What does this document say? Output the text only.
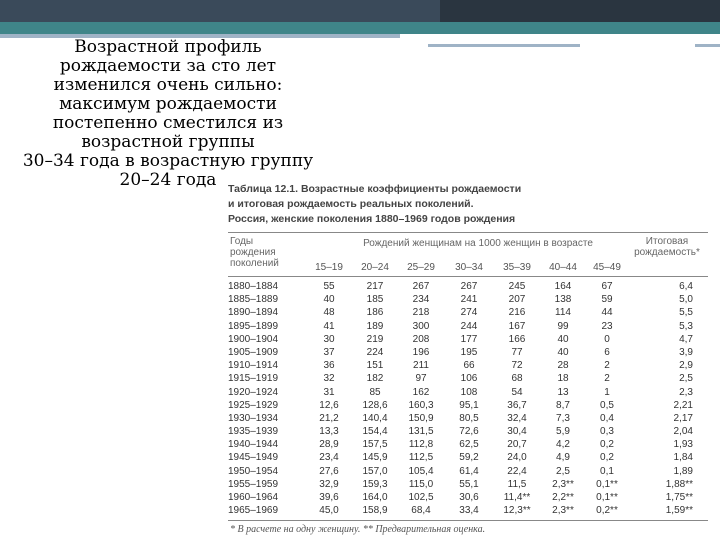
Возрастной профиль
рождаемости за сто лет
изменился очень сильно:
максимум рождаемости
постепенно сместился из
возрастной группы
30–34 года в возрастную группу
20–24 года	Таблица 12.1. Возрастные коэффициенты рождаемости
и итоговая рождаемость реальных поколений.
Россия, женские поколения 1880–1969 годов рождения
Годы
рождения
поколений
Рождений женщинам на 1000 женщин в возрасте	Итоговая
рождаемость*
15–19	20–24	25–29	30–34	35–39	40–44	45–49
1880–1884	55	217	267	267	245	164	67	6,4
1885–1889	40	185	234	241	207	138	59	5,0
1890–1894	48	186	218	274	216	114	44	5,5
1895–1899	41	189	300	244	167	99	23	5,3
1900–1904	30	219	208	177	166	40	0	4,7
1905–1909	37	224	196	195	77	40	6	3,9
1910–1914	36	151	211	66	72	28	2	2,9
1915–1919	32	182	97	106	68	18	2	2,5
1920–1924	31	85	162	108	54	13	1	2,3
1925–1929	12,6	128,6	160,3	95,1	36,7	8,7	0,5	2,21
1930–1934	21,2	140,4	150,9	80,5	32,4	7,3	0,4	2,17
1935–1939	13,3	154,4	131,5	72,6	30,4	5,9	0,3	2,04
1940–1944	28,9	157,5	112,8	62,5	20,7	4,2	0,2	1,93
1945–1949	23,4	145,9	112,5	59,2	24,0	4,9	0,2	1,84
1950–1954	27,6	157,0	105,4	61,4	22,4	2,5	0,1	1,89
1955–1959	32,9	159,3	115,0	55,1	11,5	2,3**	0,1**	1,88**
1960–1964	39,6	164,0	102,5	30,6	11,4**	2,2**	0,1**	1,75**
1965–1969	45,0	158,9	68,4	33,4	12,3**	2,3**	0,2**	1,59**
* В расчете на одну женщину. ** Предварительная оценка.
